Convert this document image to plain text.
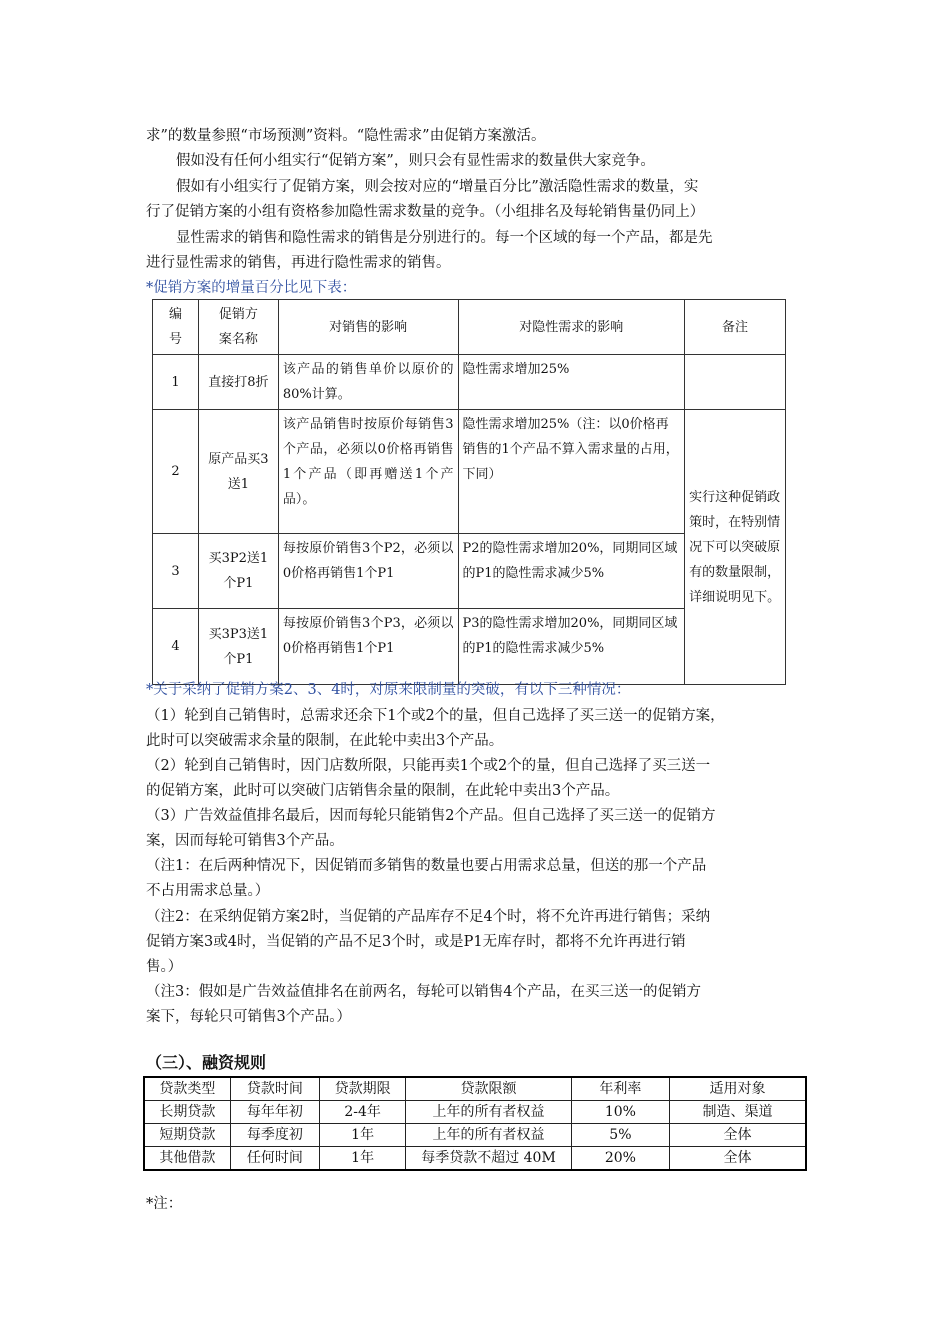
求”的数量参照“市场预测”资料。“隐性需求”由促销方案激活。
假如没有任何小组实行“促销方案”，则只会有显性需求的数量供大家竞争。
假如有小组实行了促销方案，则会按对应的“增量百分比”激活隐性需求的数量，实
行了促销方案的小组有资格参加隐性需求数量的竞争。（小组排名及每轮销售量仍同上）
显性需求的销售和隐性需求的销售是分别进行的。每一个区域的每一个产品，都是先
进行显性需求的销售，再进行隐性需求的销售。
*促销方案的增量百分比见下表：
编
号	促销方
案名称	对销售的影响	对隐性需求的影响	备注
1	直接打8折	该产品的销售单价以原价的80%计算。	隐性需求增加25%	
2	原产品买3送1	该产品销售时按原价每销售3个产品，必须以0价格再销售1个产品（即再赠送1个产品）。	隐性需求增加25%（注：以0价格再销售的1个产品不算入需求量的占用，下同）	实行这种促销政策时，在特别情况下可以突破原有的数量限制，详细说明见下。
3	买3P2送1个P1	每按原价销售3个P2，必须以0价格再销售1个P1	P2的隐性需求增加20%，同期同区域的P1的隐性需求减少5%	
4	买3P3送1个P1	每按原价销售3个P3，必须以0价格再销售1个P1	P3的隐性需求增加20%，同期同区域的P1的隐性需求减少5%	
*关于采纳了促销方案2、3、4时，对原来限制量的突破，有以下三种情况：
（1）轮到自己销售时，总需求还余下1个或2个的量，但自己选择了买三送一的促销方案，
此时可以突破需求余量的限制，在此轮中卖出3个产品。
（2）轮到自己销售时，因门店数所限，只能再卖1个或2个的量，但自己选择了买三送一
的促销方案，此时可以突破门店销售余量的限制，在此轮中卖出3个产品。
（3）广告效益值排名最后，因而每轮只能销售2个产品。但自己选择了买三送一的促销方
案，因而每轮可销售3个产品。
（注1：在后两种情况下，因促销而多销售的数量也要占用需求总量，但送的那一个产品
不占用需求总量。）
（注2：在采纳促销方案2时，当促销的产品库存不足4个时，将不允许再进行销售；采纳
促销方案3或4时，当促销的产品不足3个时，或是P1无库存时，都将不允许再进行销
售。）
（注3：假如是广告效益值排名在前两名，每轮可以销售4个产品，在买三送一的促销方
案下，每轮只可销售3个产品。）
（三）、融资规则
贷款类型	贷款时间	贷款期限	贷款限额	年利率	适用对象
长期贷款	每年年初	2-4年	上年的所有者权益	10%	制造、渠道
短期贷款	每季度初	1年	上年的所有者权益	5%	全体
其他借款	任何时间	1年	每季贷款不超过 40M	20%	全体
*注：
